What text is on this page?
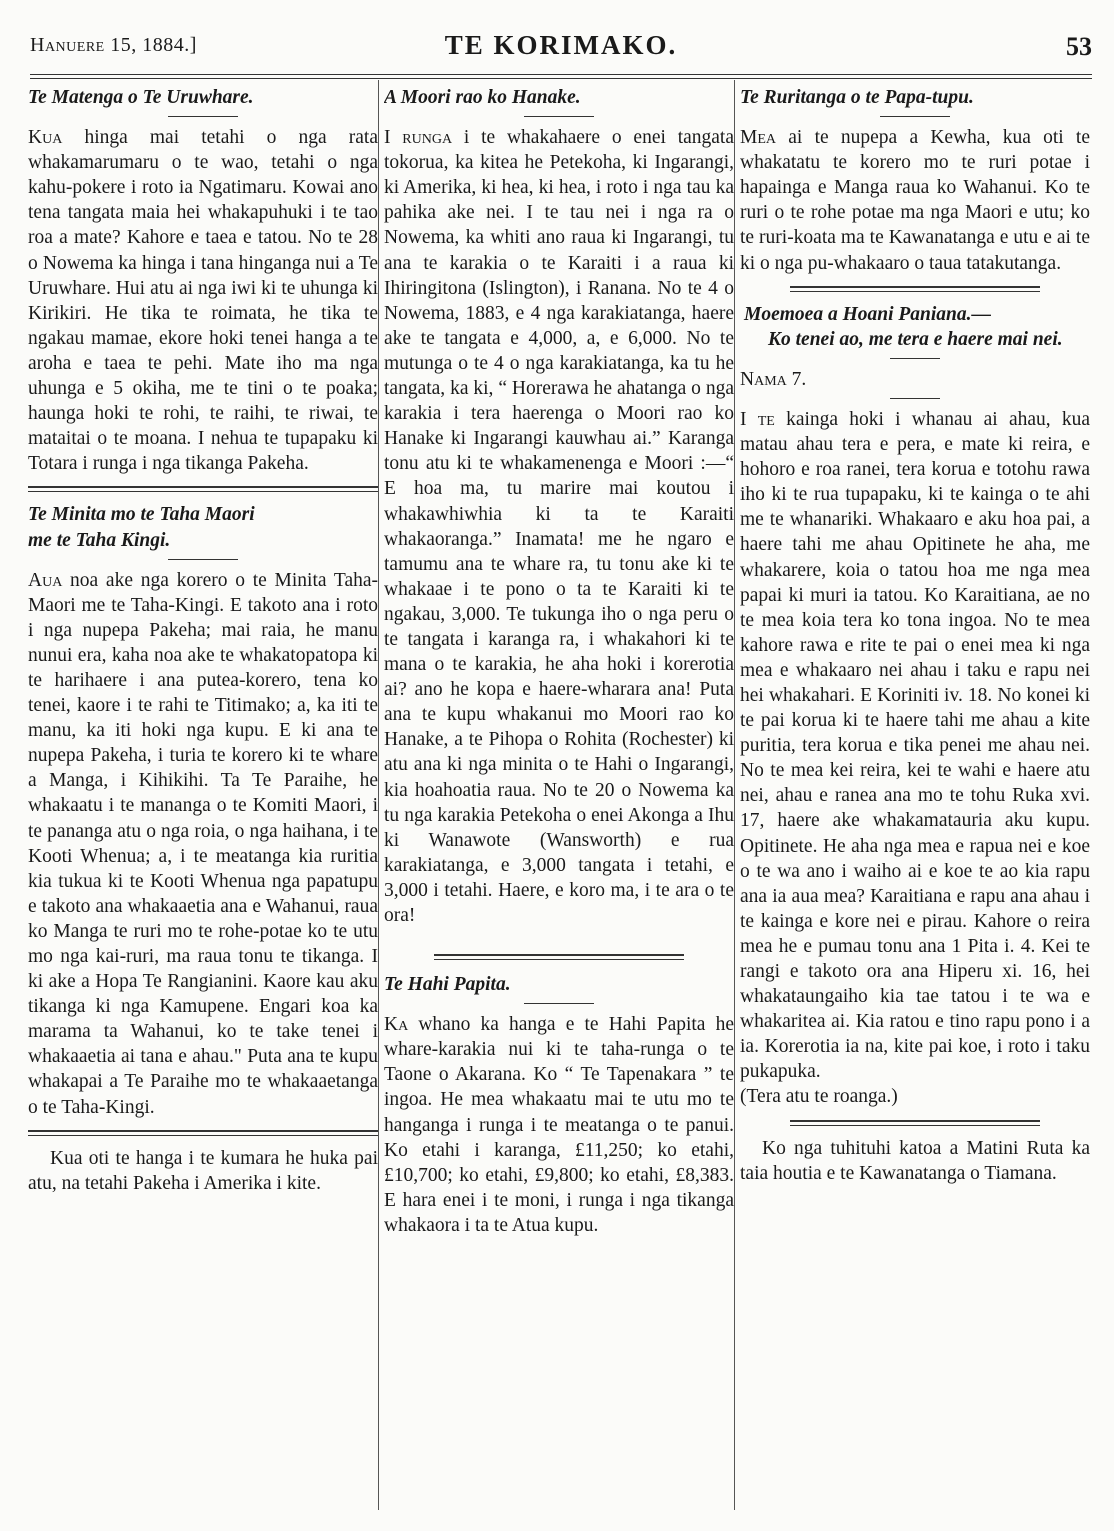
Hanuere 15, 1884.]	TE KORIMAKO.	53

Te Matenga o Te Uruwhare.

Kua hinga mai tetahi o nga rata whakamarumaru o te wao, tetahi o nga kahu-pokere i roto ia Ngatimaru. Kowai ano tena tangata maia hei whakapuhuki i te tao roa a mate? Kahore e taea e tatou. No te 28 o Nowema ka hinga i tana hinganga nui a Te Uruwhare. Hui atu ai nga iwi ki te uhunga ki Kirikiri. He tika te roimata, he tika te ngakau mamae, ekore hoki tenei hanga a te aroha e taea te pehi. Mate iho ma nga uhunga e 5 okiha, me te tini o te poaka; haunga hoki te rohi, te raihi, te riwai, te mataitai o te moana. I nehua te tupapaku ki Totara i runga i nga tikanga Pakeha.

Te Minita mo te Taha Maori

me te Taha Kingi.

Aua noa ake nga korero o te Minita Taha-Maori me te Taha-Kingi. E takoto ana i roto i nga nupepa Pakeha; mai raia, he manu nunui era, kaha noa ake te whakatopatopa ki te harihaere i ana putea-korero, tena ko tenei, kaore i te rahi te Titimako; a, ka iti te manu, ka iti hoki nga kupu. E ki ana te nupepa Pakeha, i turia te korero ki te whare a Manga, i Kihikihi. Ta Te Paraihe, he whakaatu i te mananga o te Komiti Maori, i te pananga atu o nga roia, o nga haihana, i te Kooti Whenua; a, i te meatanga kia ruritia kia tukua ki te Kooti Whenua nga papatupu e takoto ana whakaaetia ana e Wahanui, raua ko Manga te ruri mo te rohe-potae ko te utu mo nga kai-ruri, ma raua tonu te tikanga. I ki ake a Hopa Te Rangianini. Kaore kau aku tikanga ki nga Kamupene. Engari koa ka marama ta Wahanui, ko te take tenei i whakaaetia ai tana e ahau." Puta ana te kupu whakapai a Te Paraihe mo te whakaaetanga o te Taha-Kingi.

Kua oti te hanga i te kumara he huka pai atu, na tetahi Pakeha i Amerika i kite.

A Moori rao ko Hanake.

I runga i te whakahaere o enei tangata tokorua, ka kitea he Petekoha, ki Ingarangi, ki Amerika, ki hea, ki hea, i roto i nga tau ka pahika ake nei. I te tau nei i nga ra o Nowema, ka whiti ano raua ki Ingarangi, tu ana te karakia o te Karaiti i a raua ki Ihiringitona (Islington), i Ranana. No te 4 o Nowema, 1883, e 4 nga karakiatanga, haere ake te tangata e 4,000, a, e 6,000. No te mutunga o te 4 o nga karakiatanga, ka tu he tangata, ka ki, “ Horerawa he ahatanga o nga karakia i tera haerenga o Moori rao ko Hanake ki Ingarangi kauwhau ai.” Karanga tonu atu ki te whakamenenga e Moori :—“ E hoa ma, tu marire mai koutou i whakawhiwhia ki ta te Karaiti whakaoranga.” Inamata! me he ngaro e tamumu ana te whare ra, tu tonu ake ki te whakaae i te pono o ta te Karaiti ki te ngakau, 3,000. Te tukunga iho o nga peru o te tangata i karanga ra, i whakahori ki te mana o te karakia, he aha hoki i korerotia ai? ano he kopa e haere-wharara ana! Puta ana te kupu whakanui mo Moori rao ko Hanake, a te Pihopa o Rohita (Rochester) ki atu ana ki nga minita o te Hahi o Ingarangi, kia hoahoatia raua. No te 20 o Nowema ka tu nga karakia Petekoha o enei Akonga a Ihu ki Wanawote (Wansworth) e rua karakiatanga, e 3,000 tangata i tetahi, e 3,000 i tetahi. Haere, e koro ma, i te ara o te ora!

Te Hahi Papita.

Ka whano ka hanga e te Hahi Papita he whare-karakia nui ki te taha-runga o te Taone o Akarana. Ko “ Te Tapenakara ” te ingoa. He mea whakaatu mai te utu mo te hanganga i runga i te meatanga o te panui. Ko etahi i karanga, £11,250; ko etahi, £10,700; ko etahi, £9,800; ko etahi, £8,383. E hara enei i te moni, i runga i nga tikanga whakaora i ta te Atua kupu.

Te Ruritanga o te Papa-tupu.

Mea ai te nupepa a Kewha, kua oti te whakatatu te korero mo te ruri potae i hapainga e Manga raua ko Wahanui. Ko te ruri o te rohe potae ma nga Maori e utu; ko te ruri-koata ma te Kawanatanga e utu e ai te ki o nga pu-whakaaro o taua tatakutanga.

Moemoea a Hoani Paniana.—

Ko tenei ao, me tera e haere mai nei.

Nama 7.

I te kainga hoki i whanau ai ahau, kua matau ahau tera e pera, e mate ki reira, e hohoro e roa ranei, tera korua e totohu rawa iho ki te rua tupapaku, ki te kainga o te ahi me te whanariki. Whakaaro e aku hoa pai, a haere tahi me ahau Opitinete he aha, me whakarere, koia o tatou hoa me nga mea papai ki muri ia tatou. Ko Karaitiana, ae no te mea koia tera ko tona ingoa. No te mea kahore rawa e rite te pai o enei mea ki nga mea e whakaaro nei ahau i taku e rapu nei hei whakahari. E Koriniti iv. 18. No konei ki te pai korua ki te haere tahi me ahau a kite puritia, tera korua e tika penei me ahau nei. No te mea kei reira, kei te wahi e haere atu nei, ahau e ranea ana mo te tohu Ruka xvi. 17, haere ake whakamatauria aku kupu. Opitinete. He aha nga mea e rapua nei e koe o te wa ano i waiho ai e koe te ao kia rapu ana ia aua mea? Karaitiana e rapu ana ahau i te kainga e kore nei e pirau. Kahore o reira mea he e pumau tonu ana 1 Pita i. 4. Kei te rangi e takoto ora ana Hiperu xi. 16, hei whakataungaiho kia tae tatou i te wa e whakaritea ai. Kia ratou e tino rapu pono i a ia. Korerotia ia na, kite pai koe, i roto i taku pukapuka.

(Tera atu te roanga.)

Ko nga tuhituhi katoa a Matini Ruta ka taia houtia e te Kawanatanga o Tiamana.
